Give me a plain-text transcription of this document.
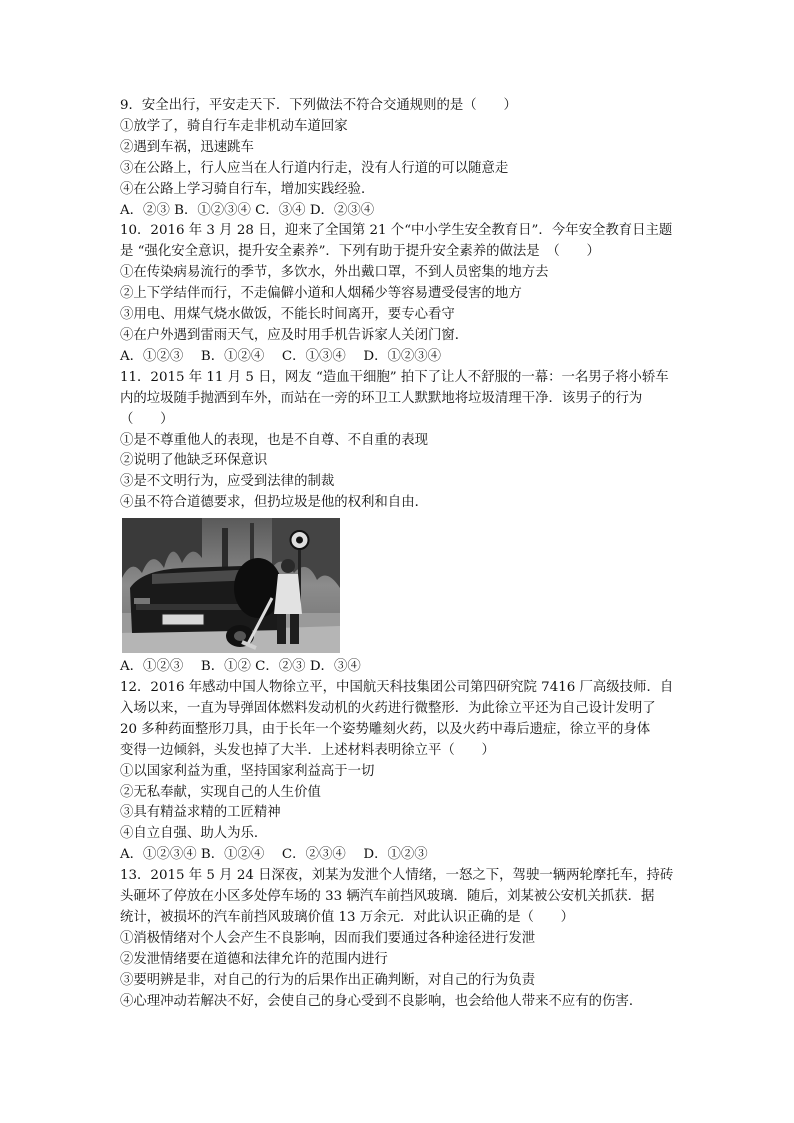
9．安全出行，平安走天下．下列做法不符合交通规则的是（　　）
①放学了，骑自行车走非机动车道回家
②遇到车祸，迅速跳车
③在公路上，行人应当在人行道内行走，没有人行道的可以随意走
④在公路上学习骑自行车，增加实践经验．
A．②③ B．①②③④ C．③④ D．②③④
10．2016 年 3 月 28 日，迎来了全国第 21 个“中小学生安全教育日”．今年安全教育日主题
是 “强化安全意识，提升安全素养”．下列有助于提升安全素养的做法是　（　　）
①在传染病易流行的季节，多饮水，外出戴口罩，不到人员密集的地方去
②上下学结伴而行，不走偏僻小道和人烟稀少等容易遭受侵害的地方
③用电、用煤气烧水做饭，不能长时间离开，要专心看守
④在户外遇到雷雨天气，应及时用手机告诉家人关闭门窗．
A．①②③　 B．①②④　 C．①③④　 D．①②③④
11．2015 年 11 月 5 日，网友 “造血干细胞” 拍下了让人不舒服的一幕：一名男子将小轿车
内的垃圾随手抛洒到车外，而站在一旁的环卫工人默默地将垃圾清理干净．该男子的行为
（　　）
①是不尊重他人的表现，也是不自尊、不自重的表现
②说明了他缺乏环保意识
③是不文明行为，应受到法律的制裁
④虽不符合道德要求，但扔垃圾是他的权利和自由．
A．①②③　 B．①② C．②③ D．③④
12．2016 年感动中国人物徐立平，中国航天科技集团公司第四研究院 7416 厂高级技师．自
入场以来，一直为导弹固体燃料发动机的火药进行微整形．为此徐立平还为自己设计发明了
20 多种药面整形刀具，由于长年一个姿势雕刻火药，以及火药中毒后遗症，徐立平的身体
变得一边倾斜，头发也掉了大半．上述材料表明徐立平（　　）
①以国家利益为重，坚持国家利益高于一切
②无私奉献，实现自己的人生价值
③具有精益求精的工匠精神
④自立自强、助人为乐．
A．①②③④ B．①②④　 C．②③④　 D．①②③
13．2015 年 5 月 24 日深夜，刘某为发泄个人情绪，一怒之下，驾驶一辆两轮摩托车，持砖
头砸坏了停放在小区多处停车场的 33 辆汽车前挡风玻璃．随后，刘某被公安机关抓获．据
统计，被损坏的汽车前挡风玻璃价值 13 万余元．对此认识正确的是（　　）
①消极情绪对个人会产生不良影响，因而我们要通过各种途径进行发泄
②发泄情绪要在道德和法律允许的范围内进行
③要明辨是非，对自己的行为的后果作出正确判断，对自己的行为负责
④心理冲动若解决不好，会使自己的身心受到不良影响，也会给他人带来不应有的伤害．
